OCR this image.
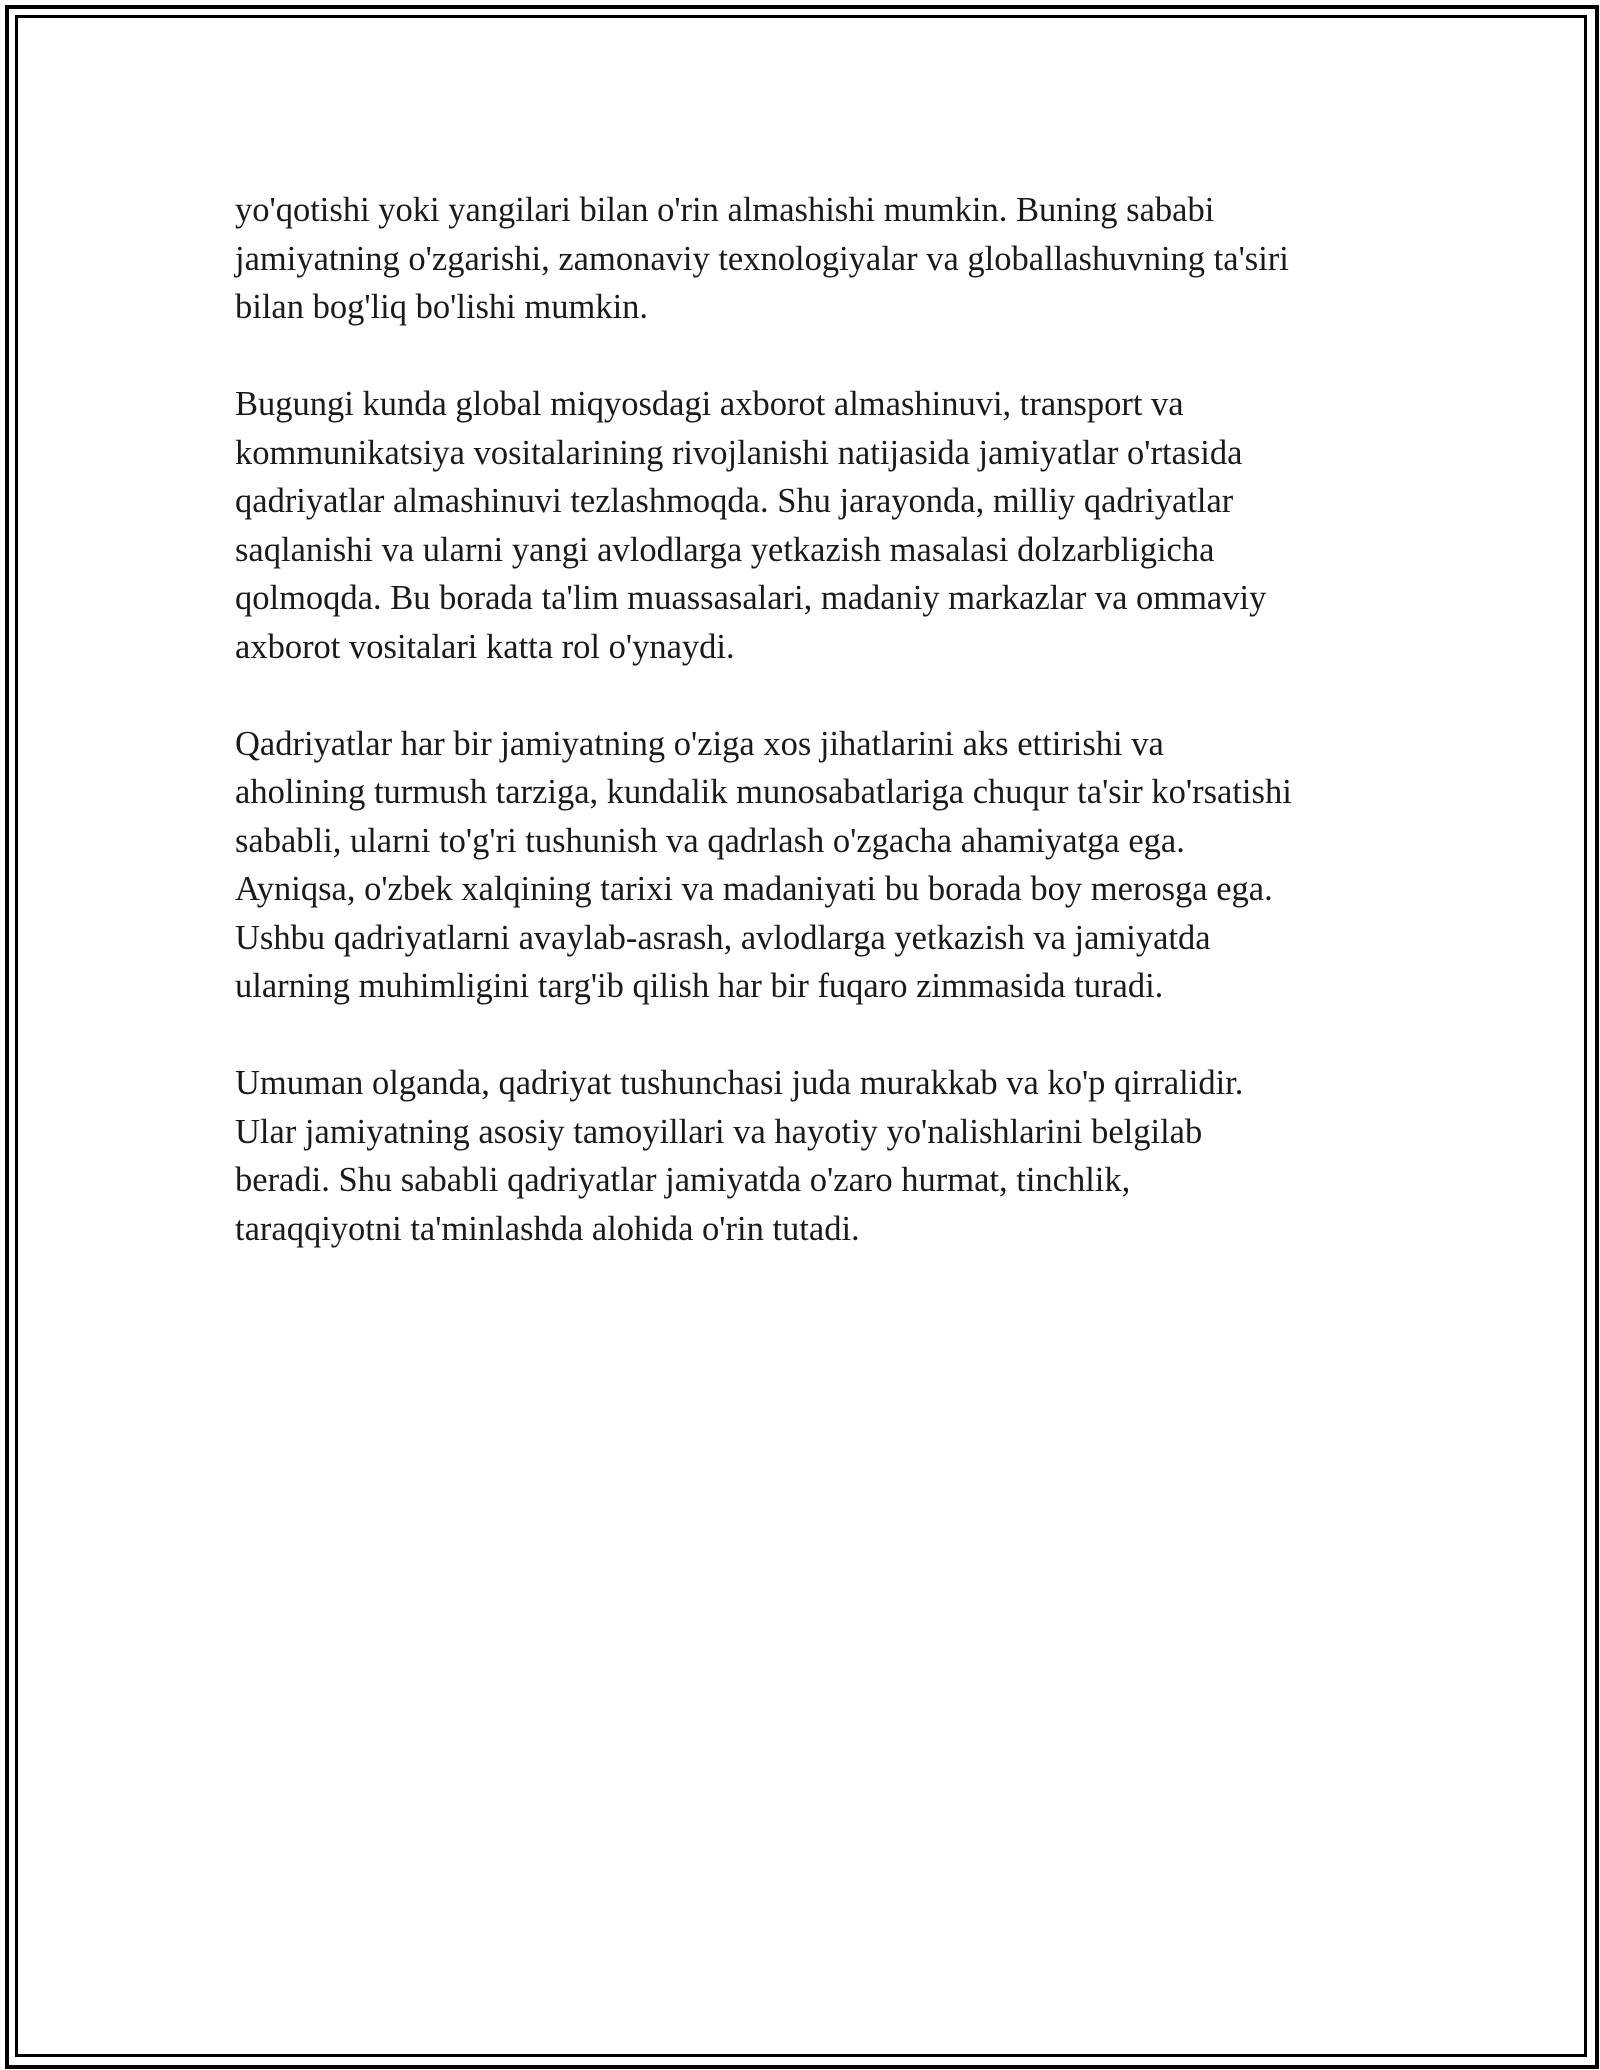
yo'qotishi yoki yangilari bilan o'rin almashishi mumkin. Buning sababi
jamiyatning o'zgarishi, zamonaviy texnologiyalar va globallashuvning ta'siri
bilan bog'liq bo'lishi mumkin.

Bugungi kunda global miqyosdagi axborot almashinuvi, transport va
kommunikatsiya vositalarining rivojlanishi natijasida jamiyatlar o'rtasida
qadriyatlar almashinuvi tezlashmoqda. Shu jarayonda, milliy qadriyatlar
saqlanishi va ularni yangi avlodlarga yetkazish masalasi dolzarbligicha
qolmoqda. Bu borada ta'lim muassasalari, madaniy markazlar va ommaviy
axborot vositalari katta rol o'ynaydi.

Qadriyatlar har bir jamiyatning o'ziga xos jihatlarini aks ettirishi va
aholining turmush tarziga, kundalik munosabatlariga chuqur ta'sir ko'rsatishi
sababli, ularni to'g'ri tushunish va qadrlash o'zgacha ahamiyatga ega.
Ayniqsa, o'zbek xalqining tarixi va madaniyati bu borada boy merosga ega.
Ushbu qadriyatlarni avaylab-asrash, avlodlarga yetkazish va jamiyatda
ularning muhimligini targ'ib qilish har bir fuqaro zimmasida turadi.

Umuman olganda, qadriyat tushunchasi juda murakkab va ko'p qirralidir.
Ular jamiyatning asosiy tamoyillari va hayotiy yo'nalishlarini belgilab
beradi. Shu sababli qadriyatlar jamiyatda o'zaro hurmat, tinchlik,
taraqqiyotni ta'minlashda alohida o'rin tutadi.
